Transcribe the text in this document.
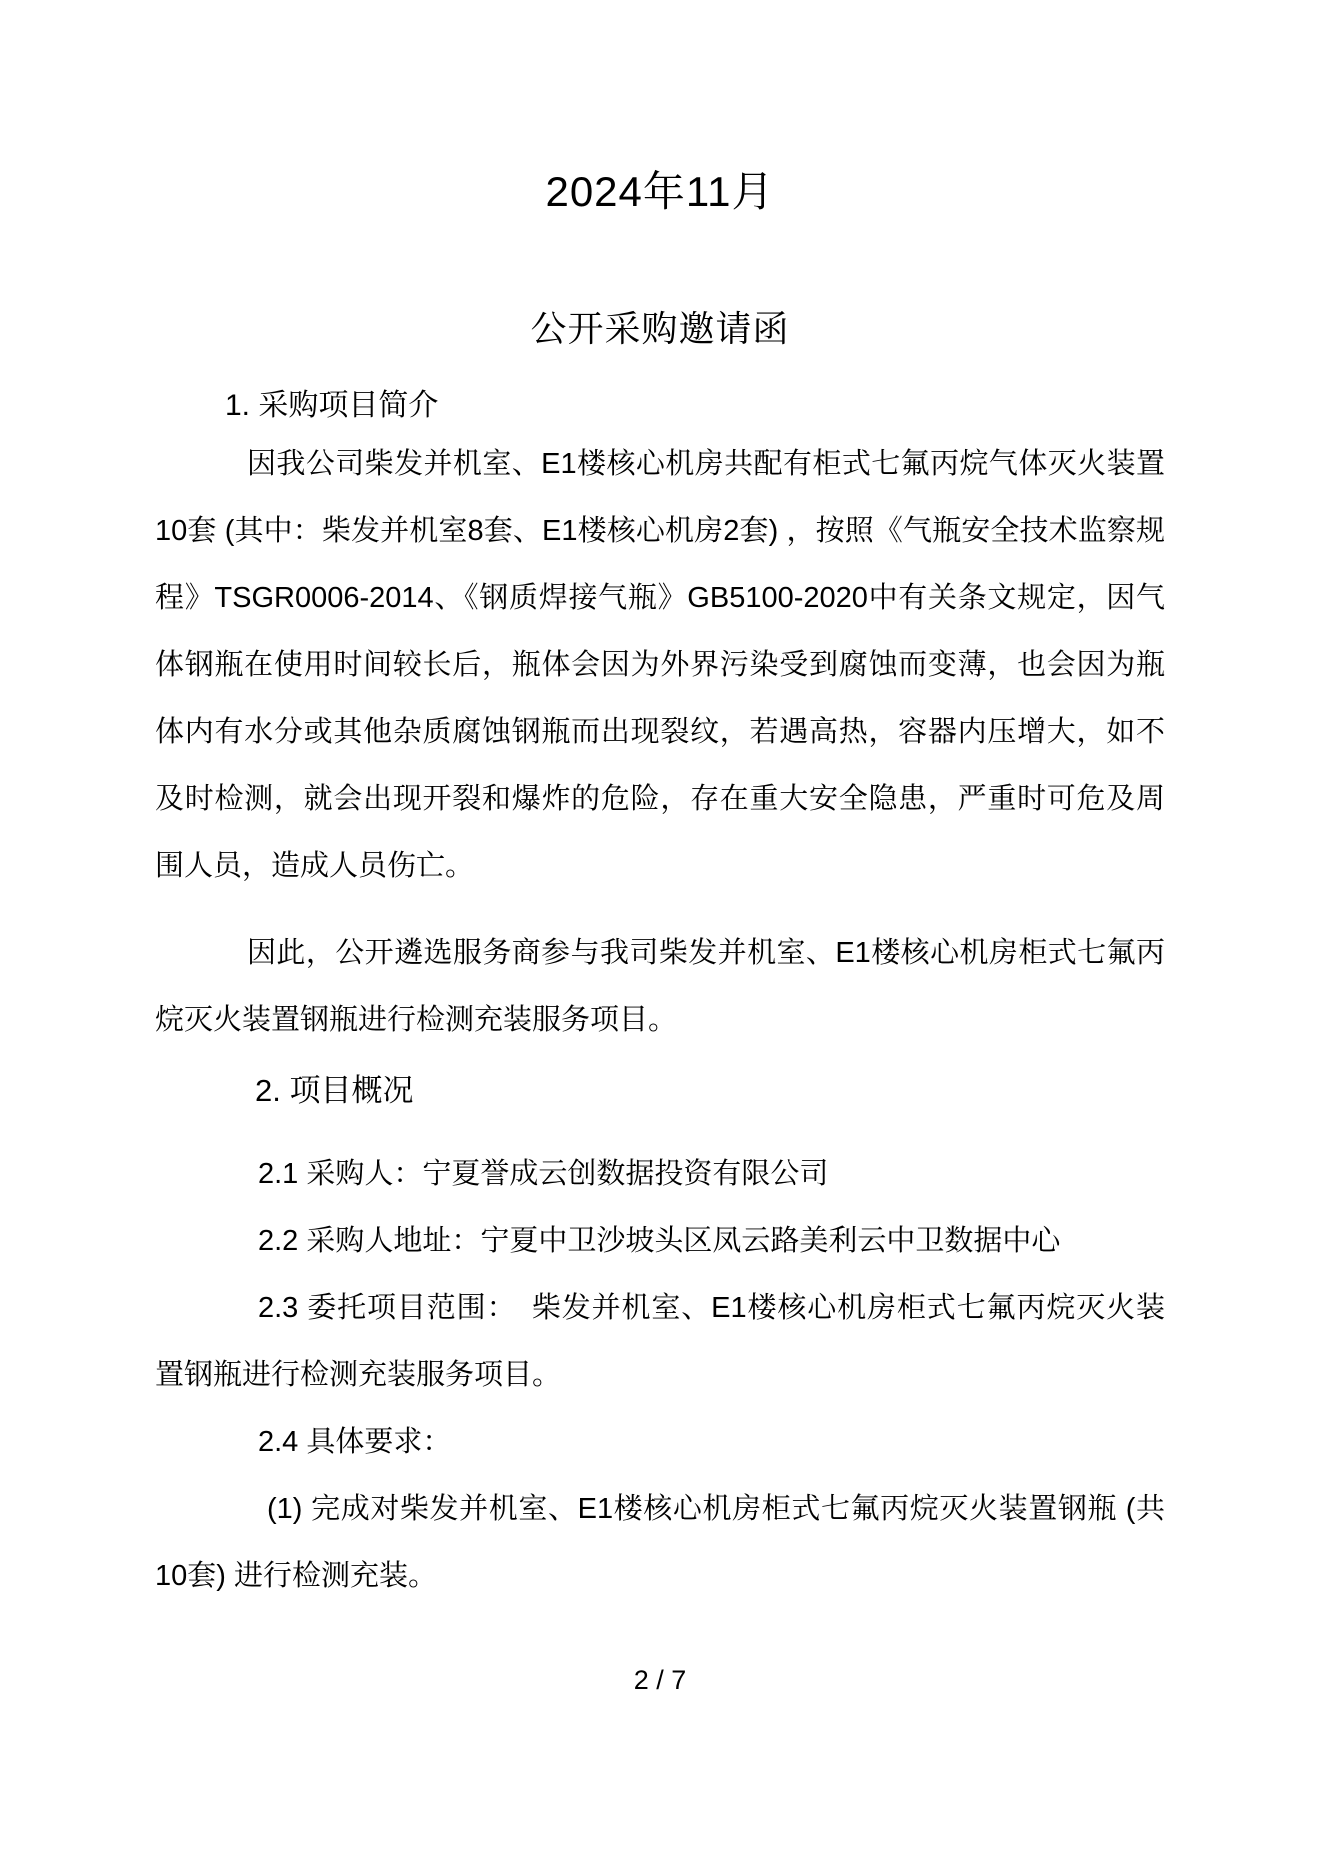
2024年11月
公开采购邀请函
1. 采购项目简介

因我公司柴发并机室、E1楼核心机房共配有柜式七氟丙烷气体灭火装置10套 (其中：柴发并机室8套、E1楼核心机房2套) ，按照《气瓶安全技术监察规程》TSGR0006-2014、《钢质焊接气瓶》GB5100-2020中有关条文规定，因气体钢瓶在使用时间较长后，瓶体会因为外界污染受到腐蚀而变薄，也会因为瓶体内有水分或其他杂质腐蚀钢瓶而出现裂纹，若遇高热，容器内压增大，如不及时检测，就会出现开裂和爆炸的危险，存在重大安全隐患，严重时可危及周围人员，造成人员伤亡。

因此，公开遴选服务商参与我司柴发并机室、E1楼核心机房柜式七氟丙烷灭火装置钢瓶进行检测充装服务项目。

2. 项目概况

2.1 采购人：宁夏誉成云创数据投资有限公司

2.2 采购人地址：宁夏中卫沙坡头区凤云路美利云中卫数据中心

2.3 委托项目范围：　柴发并机室、E1楼核心机房柜式七氟丙烷灭火装置钢瓶进行检测充装服务项目。

2.4 具体要求：

(1) 完成对柴发并机室、E1楼核心机房柜式七氟丙烷灭火装置钢瓶 (共10套) 进行检测充装。

2 / 7
